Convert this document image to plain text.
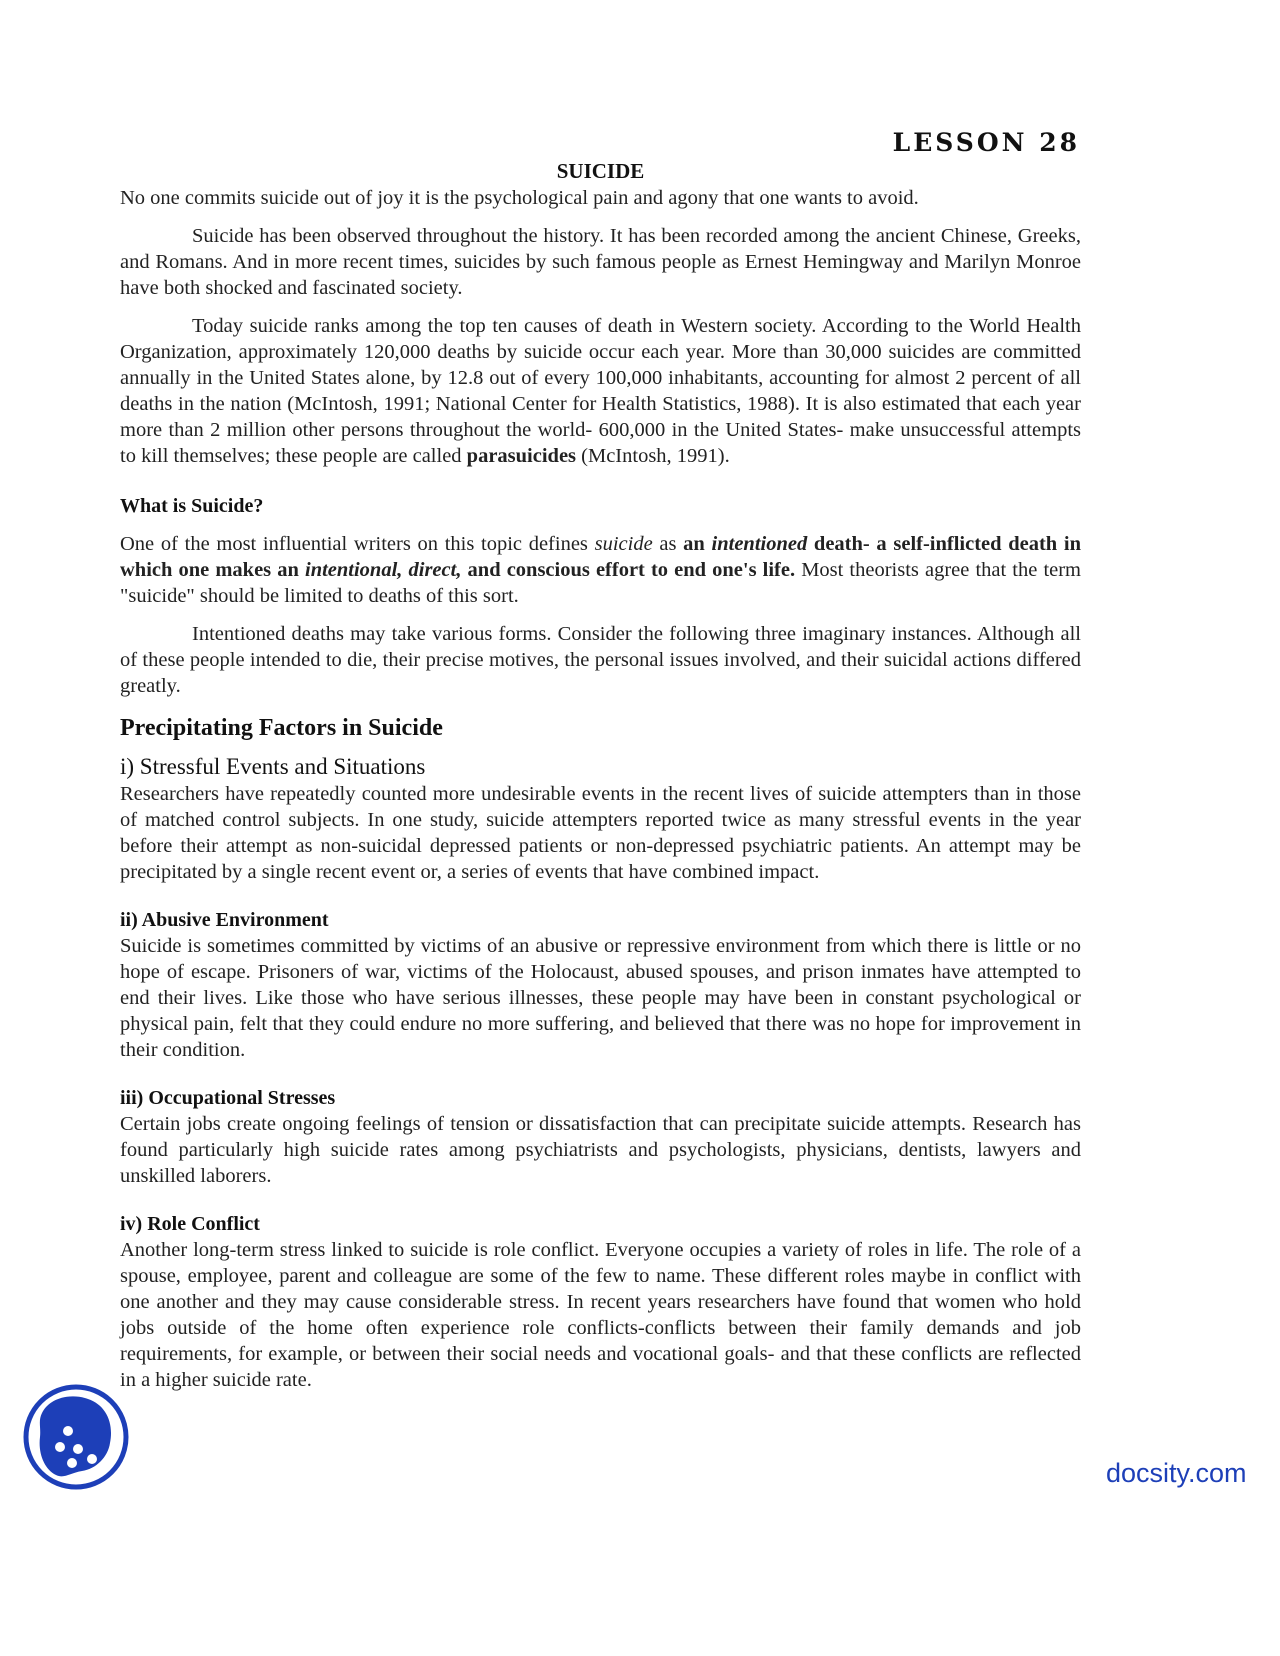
LESSON 28
SUICIDE

No one commits suicide out of joy it is the psychological pain and agony that one wants to avoid.

Suicide has been observed throughout the history. It has been recorded among the ancient Chinese, Greeks, and Romans. And in more recent times, suicides by such famous people as Ernest Hemingway and Marilyn Monroe have both shocked and fascinated society.

Today suicide ranks among the top ten causes of death in Western society. According to the World Health Organization, approximately 120,000 deaths by suicide occur each year. More than 30,000 suicides are committed annually in the United States alone, by 12.8 out of every 100,000 inhabitants, accounting for almost 2 percent of all deaths in the nation (McIntosh, 1991; National Center for Health Statistics, 1988). It is also estimated that each year more than 2 million other persons throughout the world- 600,000 in the United States- make unsuccessful attempts to kill themselves; these people are called parasuicides (McIntosh, 1991).

What is Suicide?

One of the most influential writers on this topic defines suicide as an intentioned death- a self-inflicted death in which one makes an intentional, direct, and conscious effort to end one's life. Most theorists agree that the term "suicide" should be limited to deaths of this sort.

Intentioned deaths may take various forms. Consider the following three imaginary instances. Although all of these people intended to die, their precise motives, the personal issues involved, and their suicidal actions differed greatly.

Precipitating Factors in Suicide
i) Stressful Events and Situations

Researchers have repeatedly counted more undesirable events in the recent lives of suicide attempters than in those of matched control subjects. In one study, suicide attempters reported twice as many stressful events in the year before their attempt as non-suicidal depressed patients or non-depressed psychiatric patients. An attempt may be precipitated by a single recent event or, a series of events that have combined impact.

ii) Abusive Environment

Suicide is sometimes committed by victims of an abusive or repressive environment from which there is little or no hope of escape. Prisoners of war, victims of the Holocaust, abused spouses, and prison inmates have attempted to end their lives. Like those who have serious illnesses, these people may have been in constant psychological or physical pain, felt that they could endure no more suffering, and believed that there was no hope for improvement in their condition.

iii) Occupational Stresses

Certain jobs create ongoing feelings of tension or dissatisfaction that can precipitate suicide attempts. Research has found particularly high suicide rates among psychiatrists and psychologists, physicians, dentists, lawyers and unskilled laborers.

iv) Role Conflict

Another long-term stress linked to suicide is role conflict. Everyone occupies a variety of roles in life. The role of a spouse, employee, parent and colleague are some of the few to name. These different roles maybe in conflict with one another and they may cause considerable stress. In recent years researchers have found that women who hold jobs outside of the home often experience role conflicts-conflicts between their family demands and job requirements, for example, or between their social needs and vocational goals- and that these conflicts are reflected in a higher suicide rate.

docsity.com
